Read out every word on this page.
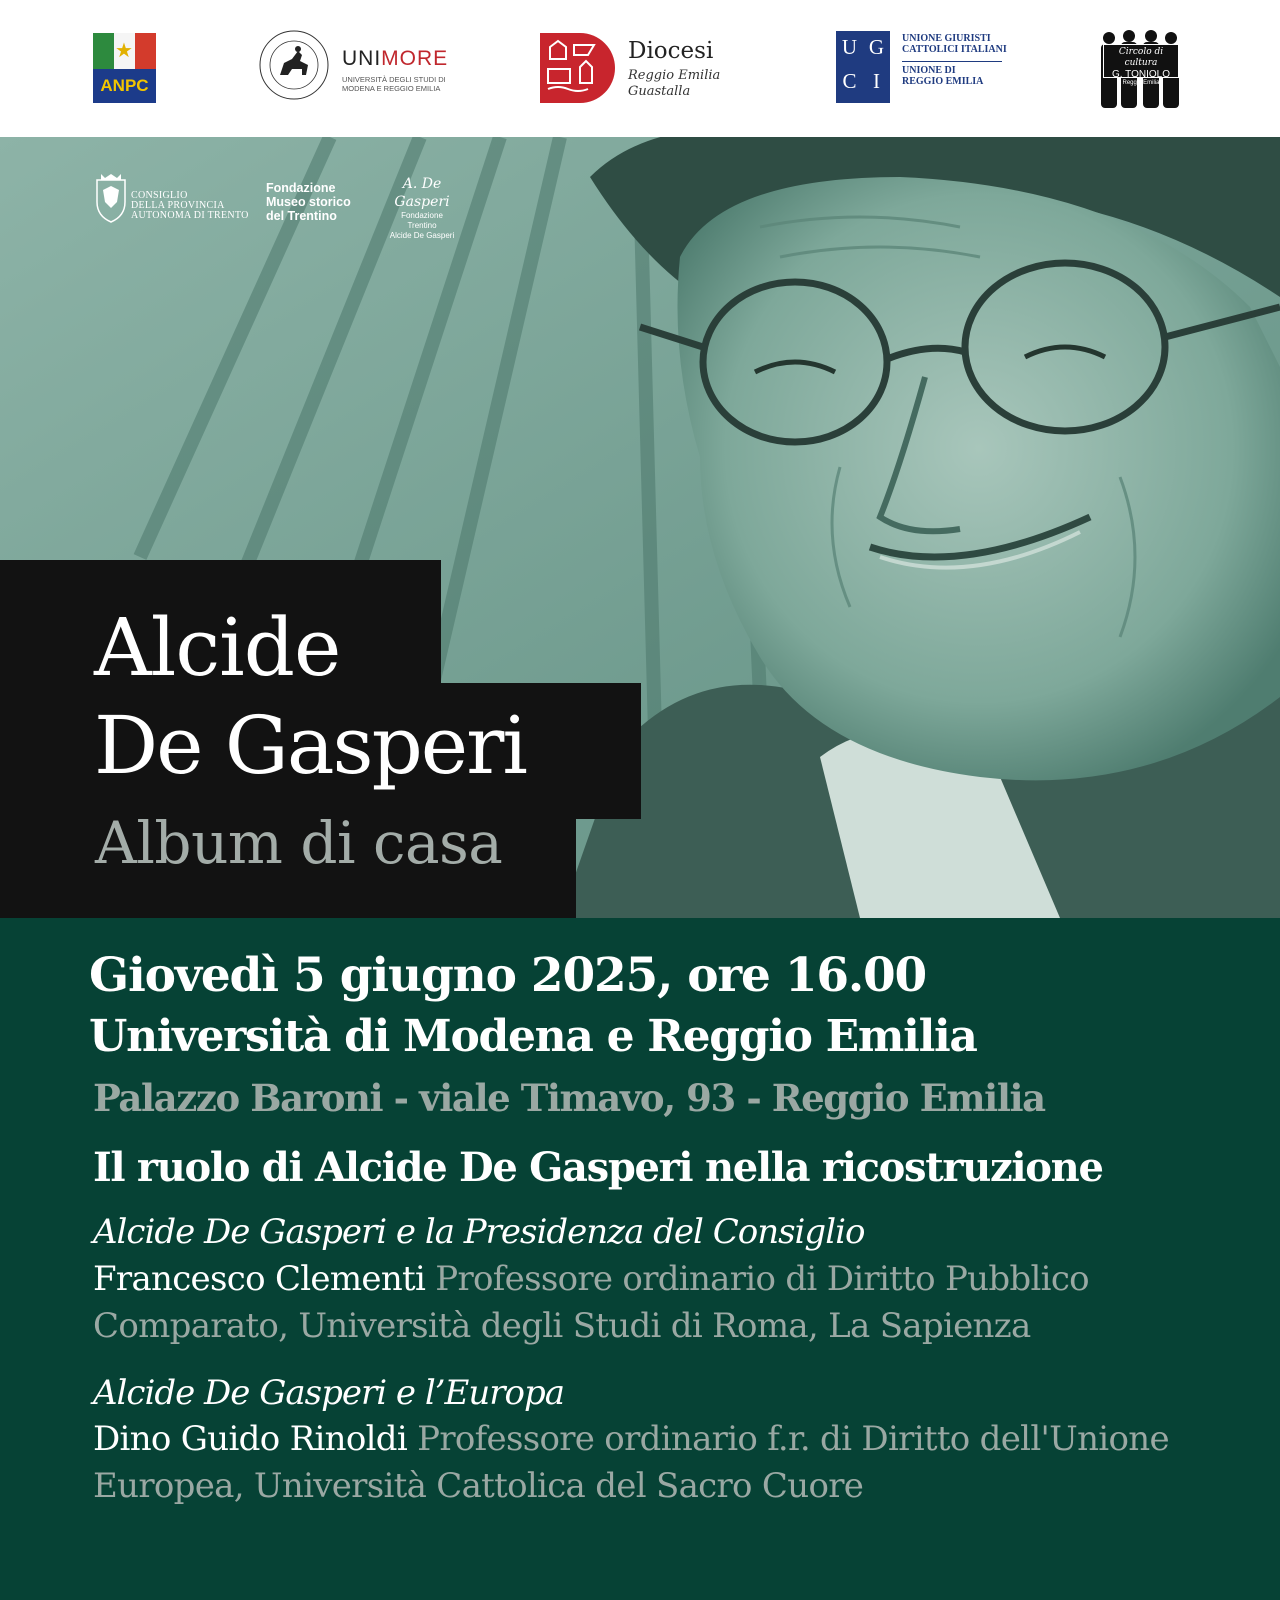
★
ANPC
UNIMORE
UNIVERSITÀ DEGLI STUDI DI MODENA E REGGIO EMILIA
Diocesi
Reggio Emilia
Guastalla
U G
C I
UNIONE GIURISTI
CATTOLICI ITALIANI
UNIONE DI
REGGIO EMILIA
Circolo di cultura
G. TONIOLO
Reggio Emilia
CONSIGLIO
DELLA PROVINCIA
AUTONOMA DI TRENTO
Fondazione
Museo storico
del Trentino
A. De Gasperi
Fondazione Trentino
Alcide De Gasperi
Alcide
De Gasperi
Album di casa
Giovedì 5 giugno 2025, ore 16.00
Università di Modena e Reggio Emilia
Palazzo Baroni - viale Timavo, 93 - Reggio Emilia
Il ruolo di Alcide De Gasperi nella ricostruzione
Alcide De Gasperi e la Presidenza del Consiglio
Francesco Clementi Professore ordinario di Diritto Pubblico Comparato, Università degli Studi di Roma, La Sapienza
Alcide De Gasperi e l’Europa
Dino Guido Rinoldi Professore ordinario f.r. di Diritto dell'Unione Europea, Università Cattolica del Sacro Cuore
